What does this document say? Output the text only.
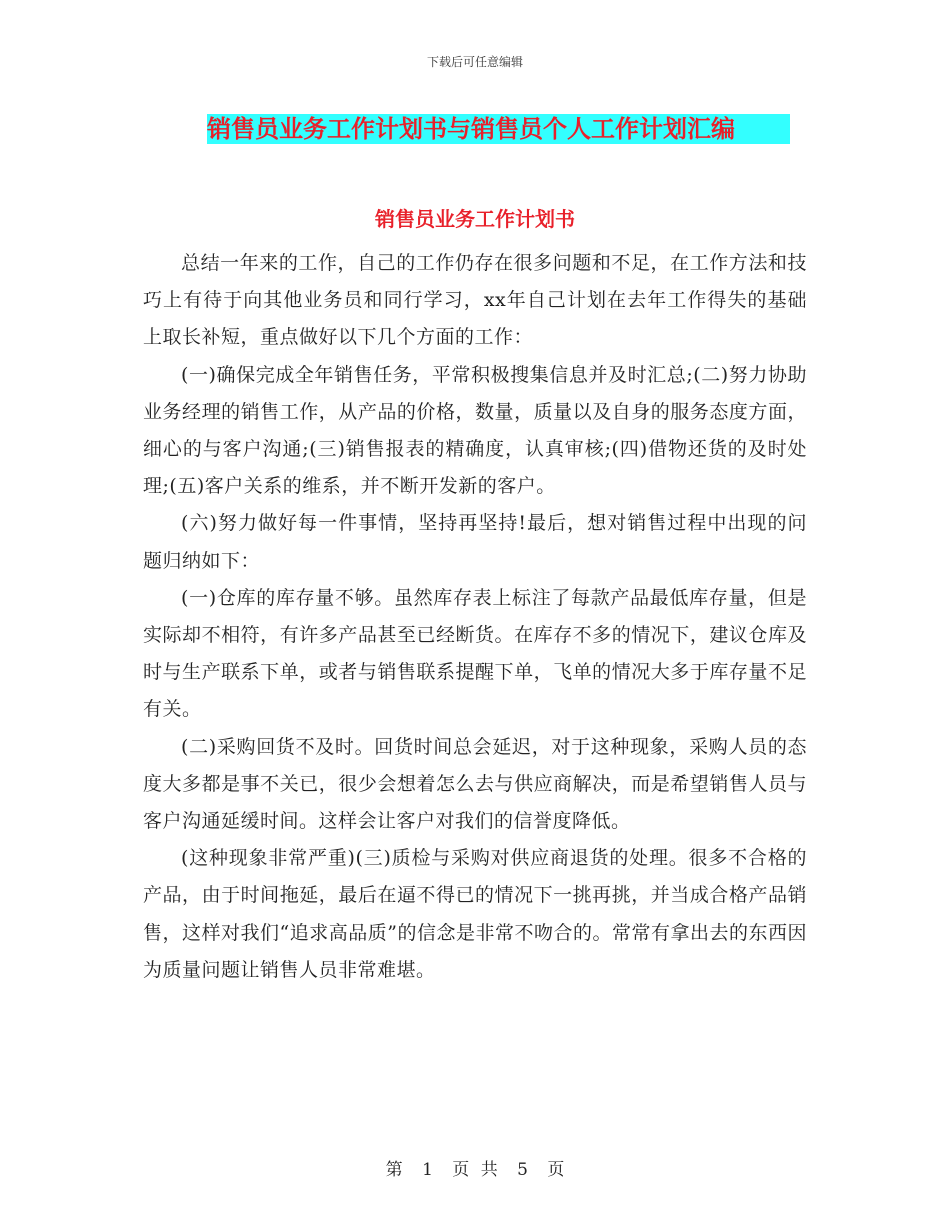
下载后可任意编辑
销售员业务工作计划书与销售员个人工作计划汇编
销售员业务工作计划书

总结一年来的工作，自己的工作仍存在很多问题和不足，在工作方法和技巧上有待于向其他业务员和同行学习，xx年自己计划在去年工作得失的基础上取长补短，重点做好以下几个方面的工作：

(一)确保完成全年销售任务，平常积极搜集信息并及时汇总;(二)努力协助业务经理的销售工作，从产品的价格，数量，质量以及自身的服务态度方面，细心的与客户沟通;(三)销售报表的精确度，认真审核;(四)借物还货的及时处理;(五)客户关系的维系，并不断开发新的客户。

(六)努力做好每一件事情，坚持再坚持!最后，想对销售过程中出现的问题归纳如下：

(一)仓库的库存量不够。虽然库存表上标注了每款产品最低库存量，但是实际却不相符，有许多产品甚至已经断货。在库存不多的情况下，建议仓库及时与生产联系下单，或者与销售联系提醒下单，飞单的情况大多于库存量不足有关。

(二)采购回货不及时。回货时间总会延迟，对于这种现象，采购人员的态度大多都是事不关已，很少会想着怎么去与供应商解决，而是希望销售人员与客户沟通延缓时间。这样会让客户对我们的信誉度降低。

(这种现象非常严重)(三)质检与采购对供应商退货的处理。很多不合格的产品，由于时间拖延，最后在逼不得已的情况下一挑再挑，并当成合格产品销售，这样对我们“追求高品质”的信念是非常不吻合的。常常有拿出去的东西因为质量问题让销售人员非常难堪。

第 1 页 共 5 页
